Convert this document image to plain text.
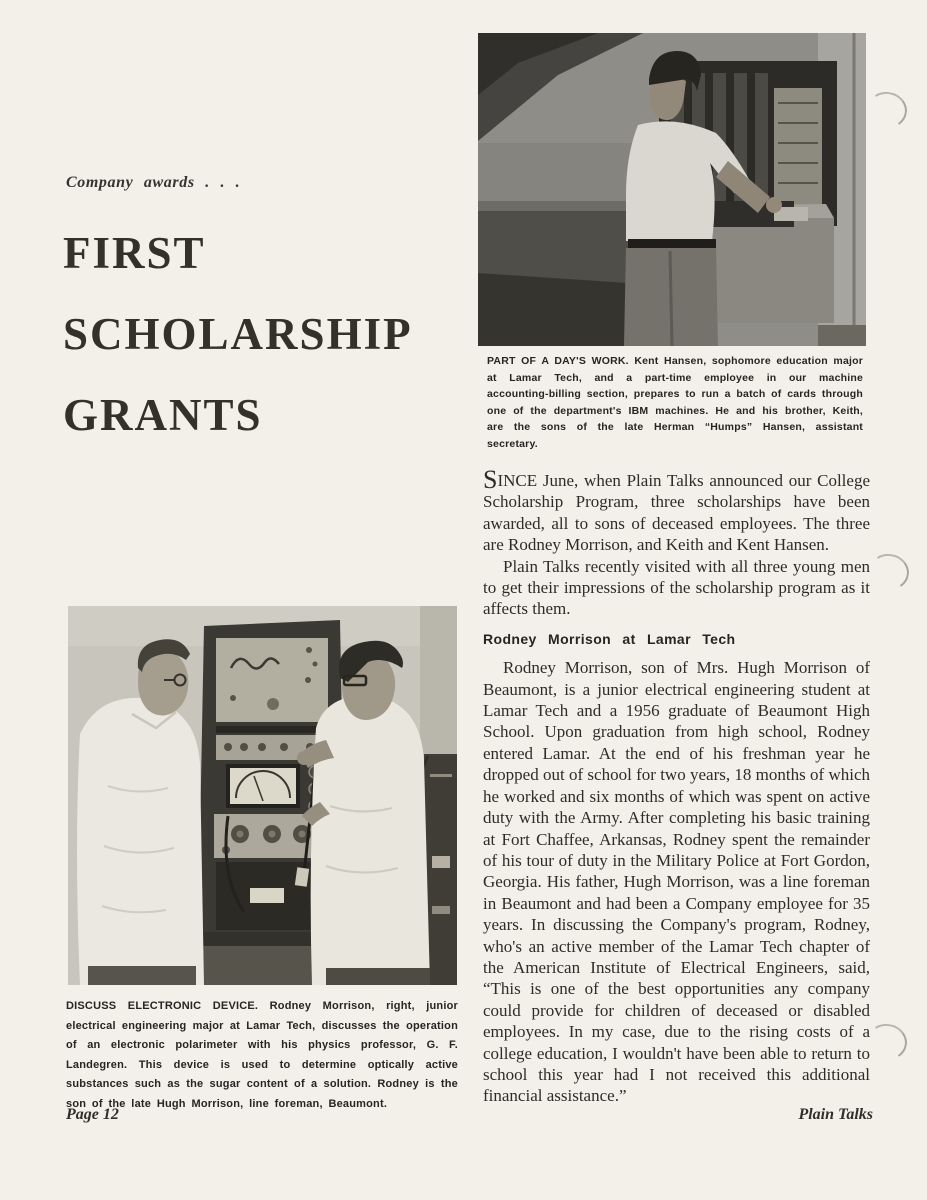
Company awards . . .
FIRST
SCHOLARSHIP
GRANTS
PART OF A DAY'S WORK. Kent Hansen, sophomore education major at Lamar Tech, and a part-time employee in our machine accounting-billing section, prepares to run a batch of cards through one of the department's IBM machines. He and his brother, Keith, are the sons of the late Herman “Humps” Hansen, assistant secretary.

SINCE June, when Plain Talks announced our College Scholarship Program, three scholarships have been awarded, all to sons of deceased employees. The three are Rodney Morrison, and Keith and Kent Hansen.

Plain Talks recently visited with all three young men to get their impressions of the scholarship program as it affects them.

Rodney Morrison at Lamar Tech

Rodney Morrison, son of Mrs. Hugh Morrison of Beaumont, is a junior electrical engineering student at Lamar Tech and a 1956 graduate of Beaumont High School. Upon graduation from high school, Rodney entered Lamar. At the end of his freshman year he dropped out of school for two years, 18 months of which he worked and six months of which was spent on active duty with the Army. After completing his basic training at Fort Chaffee, Arkansas, Rodney spent the remainder of his tour of duty in the Military Police at Fort Gordon, Georgia. His father, Hugh Morrison, was a line foreman in Beaumont and had been a Company employee for 35 years. In discussing the Company's program, Rodney, who's an active member of the Lamar Tech chapter of the American Institute of Electrical Engineers, said, “This is one of the best opportunities any company could provide for children of deceased or disabled employees. In my case, due to the rising costs of a college education, I wouldn't have been able to return to school this year had I not received this additional financial assistance.”

DISCUSS ELECTRONIC DEVICE. Rodney Morrison, right, junior electrical engineering major at Lamar Tech, discusses the operation of an electronic polarimeter with his physics professor, G. F. Landegren. This device is used to determine optically active substances such as the sugar content of a solution. Rodney is the son of the late Hugh Morrison, line foreman, Beaumont.
Page 12	Plain Talks
